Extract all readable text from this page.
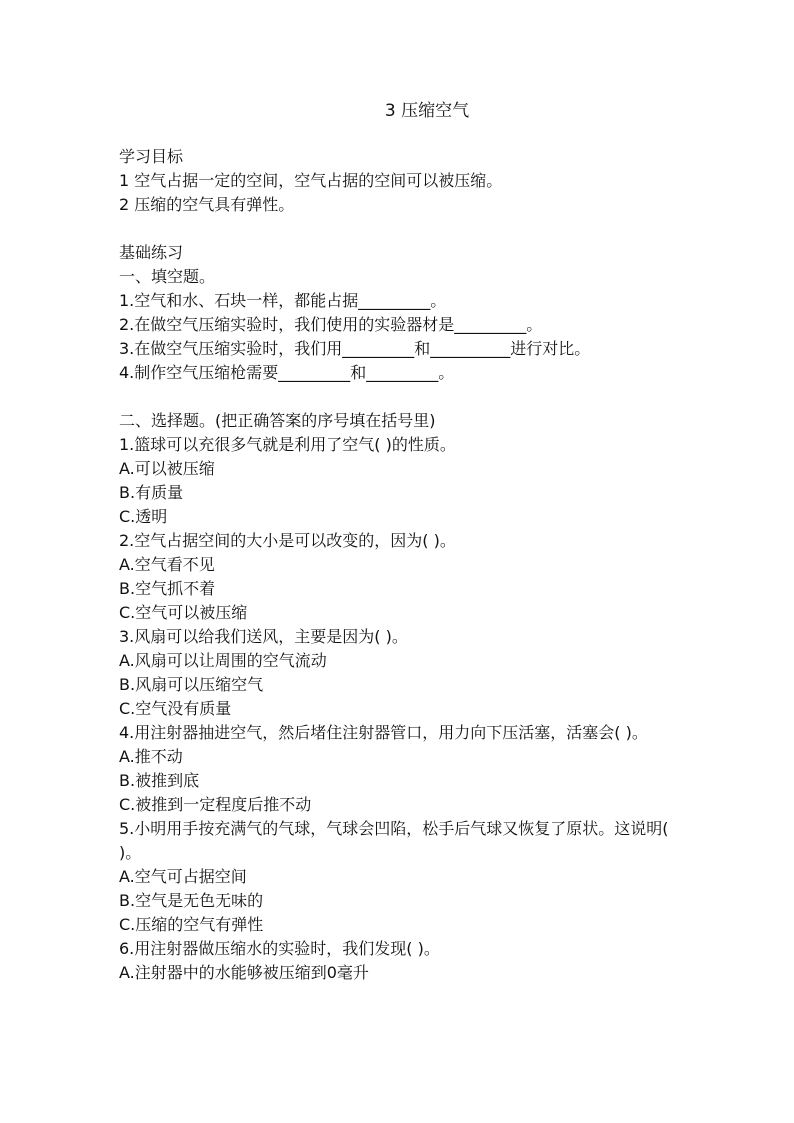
3 压缩空气
学习目标
1 空气占据一定的空间，空气占据的空间可以被压缩。
2 压缩的空气具有弹性。
基础练习
一、填空题。
1.空气和水、石块一样，都能占据_________。
2.在做空气压缩实验时，我们使用的实验器材是_________。
3.在做空气压缩实验时，我们用_________和__________进行对比。
4.制作空气压缩枪需要_________和_________。
二、选择题。(把正确答案的序号填在括号里)
1.篮球可以充很多气就是利用了空气( )的性质。
A.可以被压缩
B.有质量
C.透明
2.空气占据空间的大小是可以改变的，因为( )。
A.空气看不见
B.空气抓不着
C.空气可以被压缩
3.风扇可以给我们送风，主要是因为( )。
A.风扇可以让周围的空气流动
B.风扇可以压缩空气
C.空气没有质量
4.用注射器抽进空气，然后堵住注射器管口，用力向下压活塞，活塞会( )。
A.推不动
B.被推到底
C.被推到一定程度后推不动
5.小明用手按充满气的气球，气球会凹陷，松手后气球又恢复了原状。这说明( )。
A.空气可占据空间
B.空气是无色无味的
C.压缩的空气有弹性
6.用注射器做压缩水的实验时，我们发现( )。
A.注射器中的水能够被压缩到0毫升
